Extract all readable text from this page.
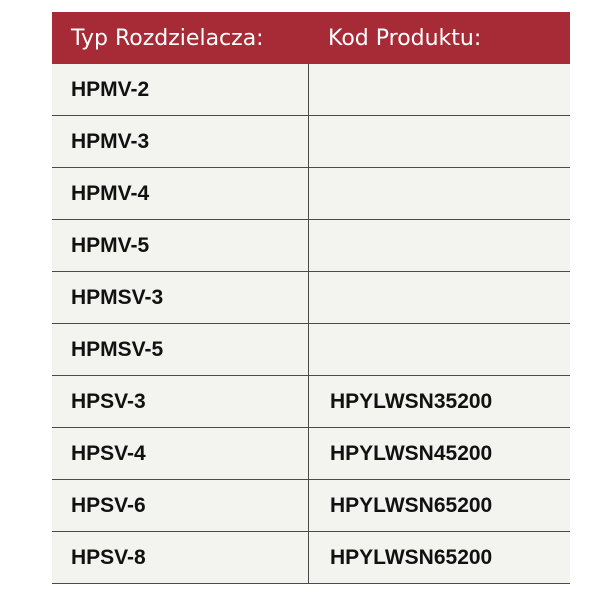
Typ Rozdzielacza:	Kod Produktu:
HPMV-2
HPMV-3
HPMV-4
HPMV-5
HPMSV-3
HPMSV-5
HPSV-3	HPYLWSN35200
HPSV-4	HPYLWSN45200
HPSV-6	HPYLWSN65200
HPSV-8	HPYLWSN65200
